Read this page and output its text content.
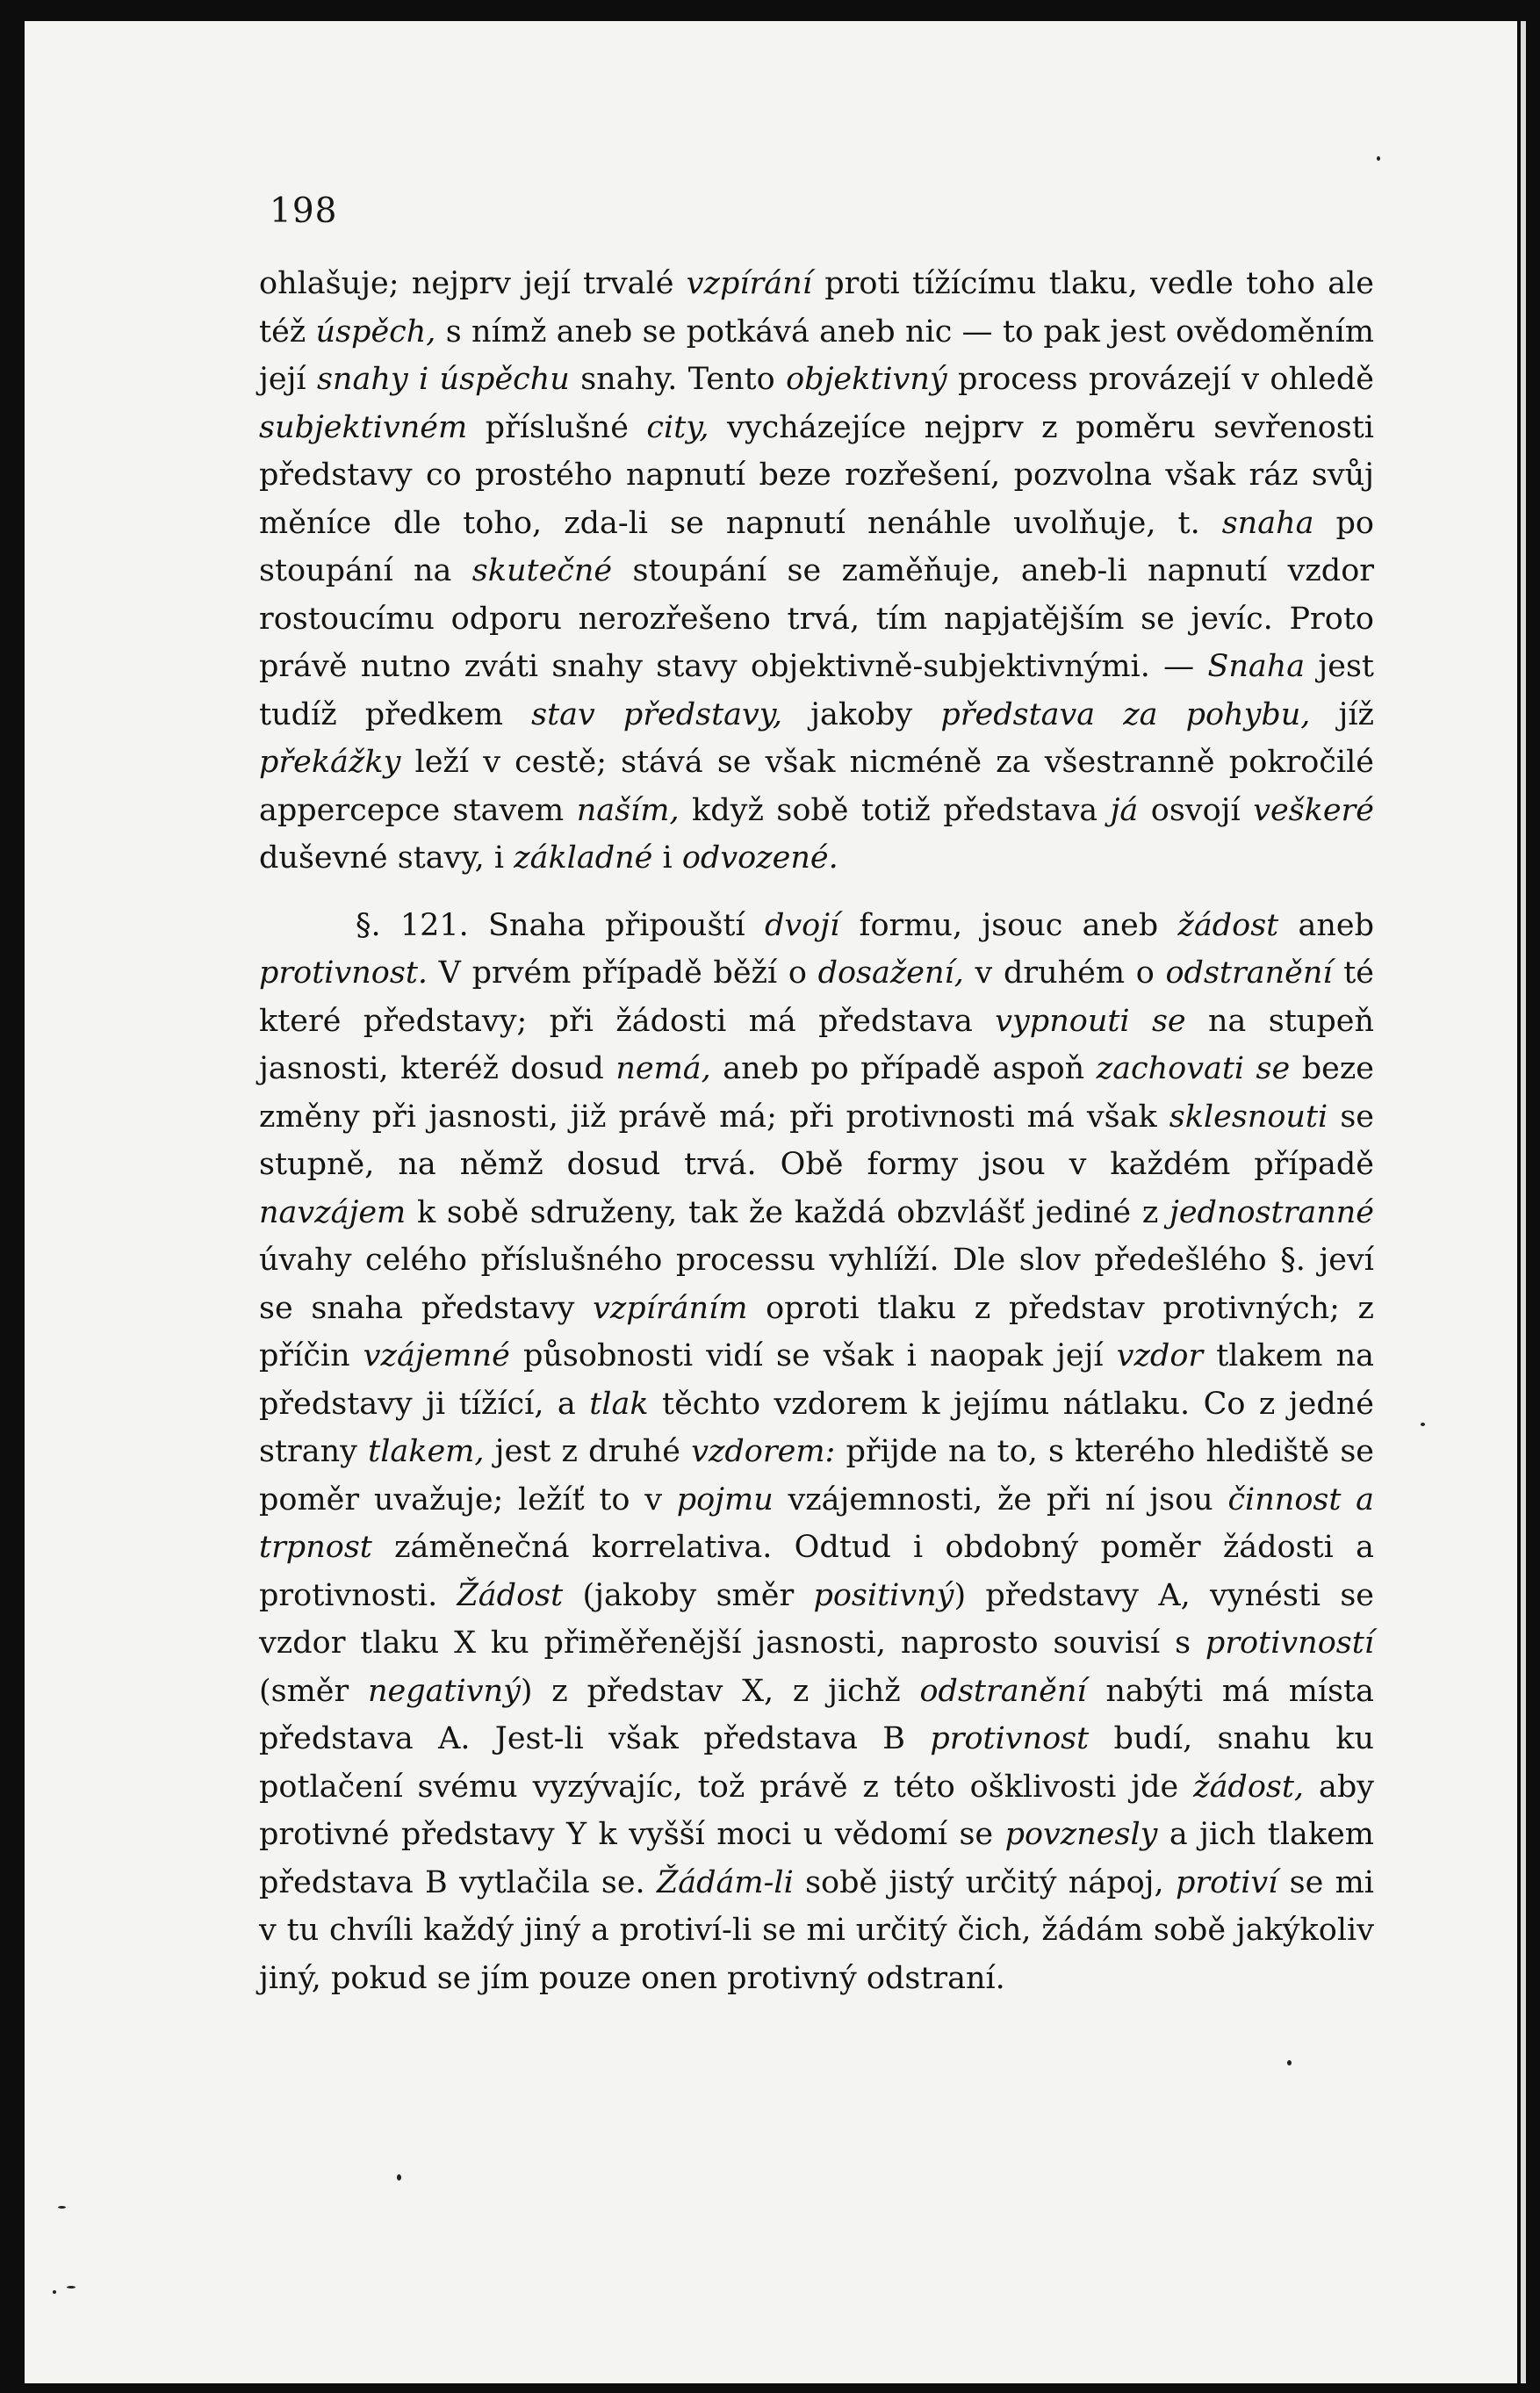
198

ohlašuje; nejprv její trvalé vzpírání proti tížícímu tlaku, vedle toho ale též úspěch, s nímž aneb se potkává aneb nic — to pak jest ovědoměním její snahy i úspěchu snahy. Tento objektivný process provázejí v ohledě subjektivném příslušné city, vycházejíce nejprv z poměru sevřenosti představy co prostého napnutí beze rozřešení, pozvolna však ráz svůj měníce dle toho, zda-li se napnutí nenáhle uvolňuje, t. snaha po stoupání na skutečné stoupání se zaměňuje, aneb-li napnutí vzdor rostoucímu odporu nerozřešeno trvá, tím napjatějším se jevíc. Proto právě nutno zváti snahy stavy objektivně-subjektivnými. — Snaha jest tudíž předkem stav představy, jakoby představa za pohybu, jíž překážky leží v cestě; stává se však nicméně za všestranně pokročilé appercepce stavem naším, když sobě totiž představa já osvojí veškeré duševné stavy, i základné i odvozené.

§. 121. Snaha připouští dvojí formu, jsouc aneb žádost aneb protivnost. V prvém případě běží o dosažení, v druhém o odstranění té které představy; při žádosti má představa vypnouti se na stupeň jasnosti, kteréž dosud nemá, aneb po případě aspoň zachovati se beze změny při jasnosti, již právě má; při protivnosti má však sklesnouti se stupně, na němž dosud trvá. Obě formy jsou v každém případě navzájem k sobě sdruženy, tak že každá obzvlášť jediné z jednostranné úvahy celého příslušného processu vyhlíží. Dle slov předešlého §. jeví se snaha představy vzpíráním oproti tlaku z představ protivných; z příčin vzájemné působnosti vidí se však i naopak její vzdor tlakem na představy ji tížící, a tlak těchto vzdorem k jejímu nátlaku. Co z jedné strany tlakem, jest z druhé vzdorem: přijde na to, s kterého hlediště se poměr uvažuje; ležíť to v pojmu vzájemnosti, že při ní jsou činnost a trpnost záměnečná korrelativa. Odtud i obdobný poměr žádosti a protivnosti. Žádost (jakoby směr positivný) představy A, vynésti se vzdor tlaku X ku přiměřenější jasnosti, naprosto souvisí s protivností (směr negativný) z představ X, z jichž odstranění nabýti má místa představa A. Jest-li však představa B protivnost budí, snahu ku potlačení svému vyzývajíc, tož právě z této ošklivosti jde žádost, aby protivné představy Y k vyšší moci u vědomí se povznesly a jich tlakem představa B vytlačila se. Žádám-li sobě jistý určitý nápoj, protiví se mi v tu chvíli každý jiný a protiví-li se mi určitý čich, žádám sobě jakýkoliv jiný, pokud se jím pouze onen protivný odstraní.
